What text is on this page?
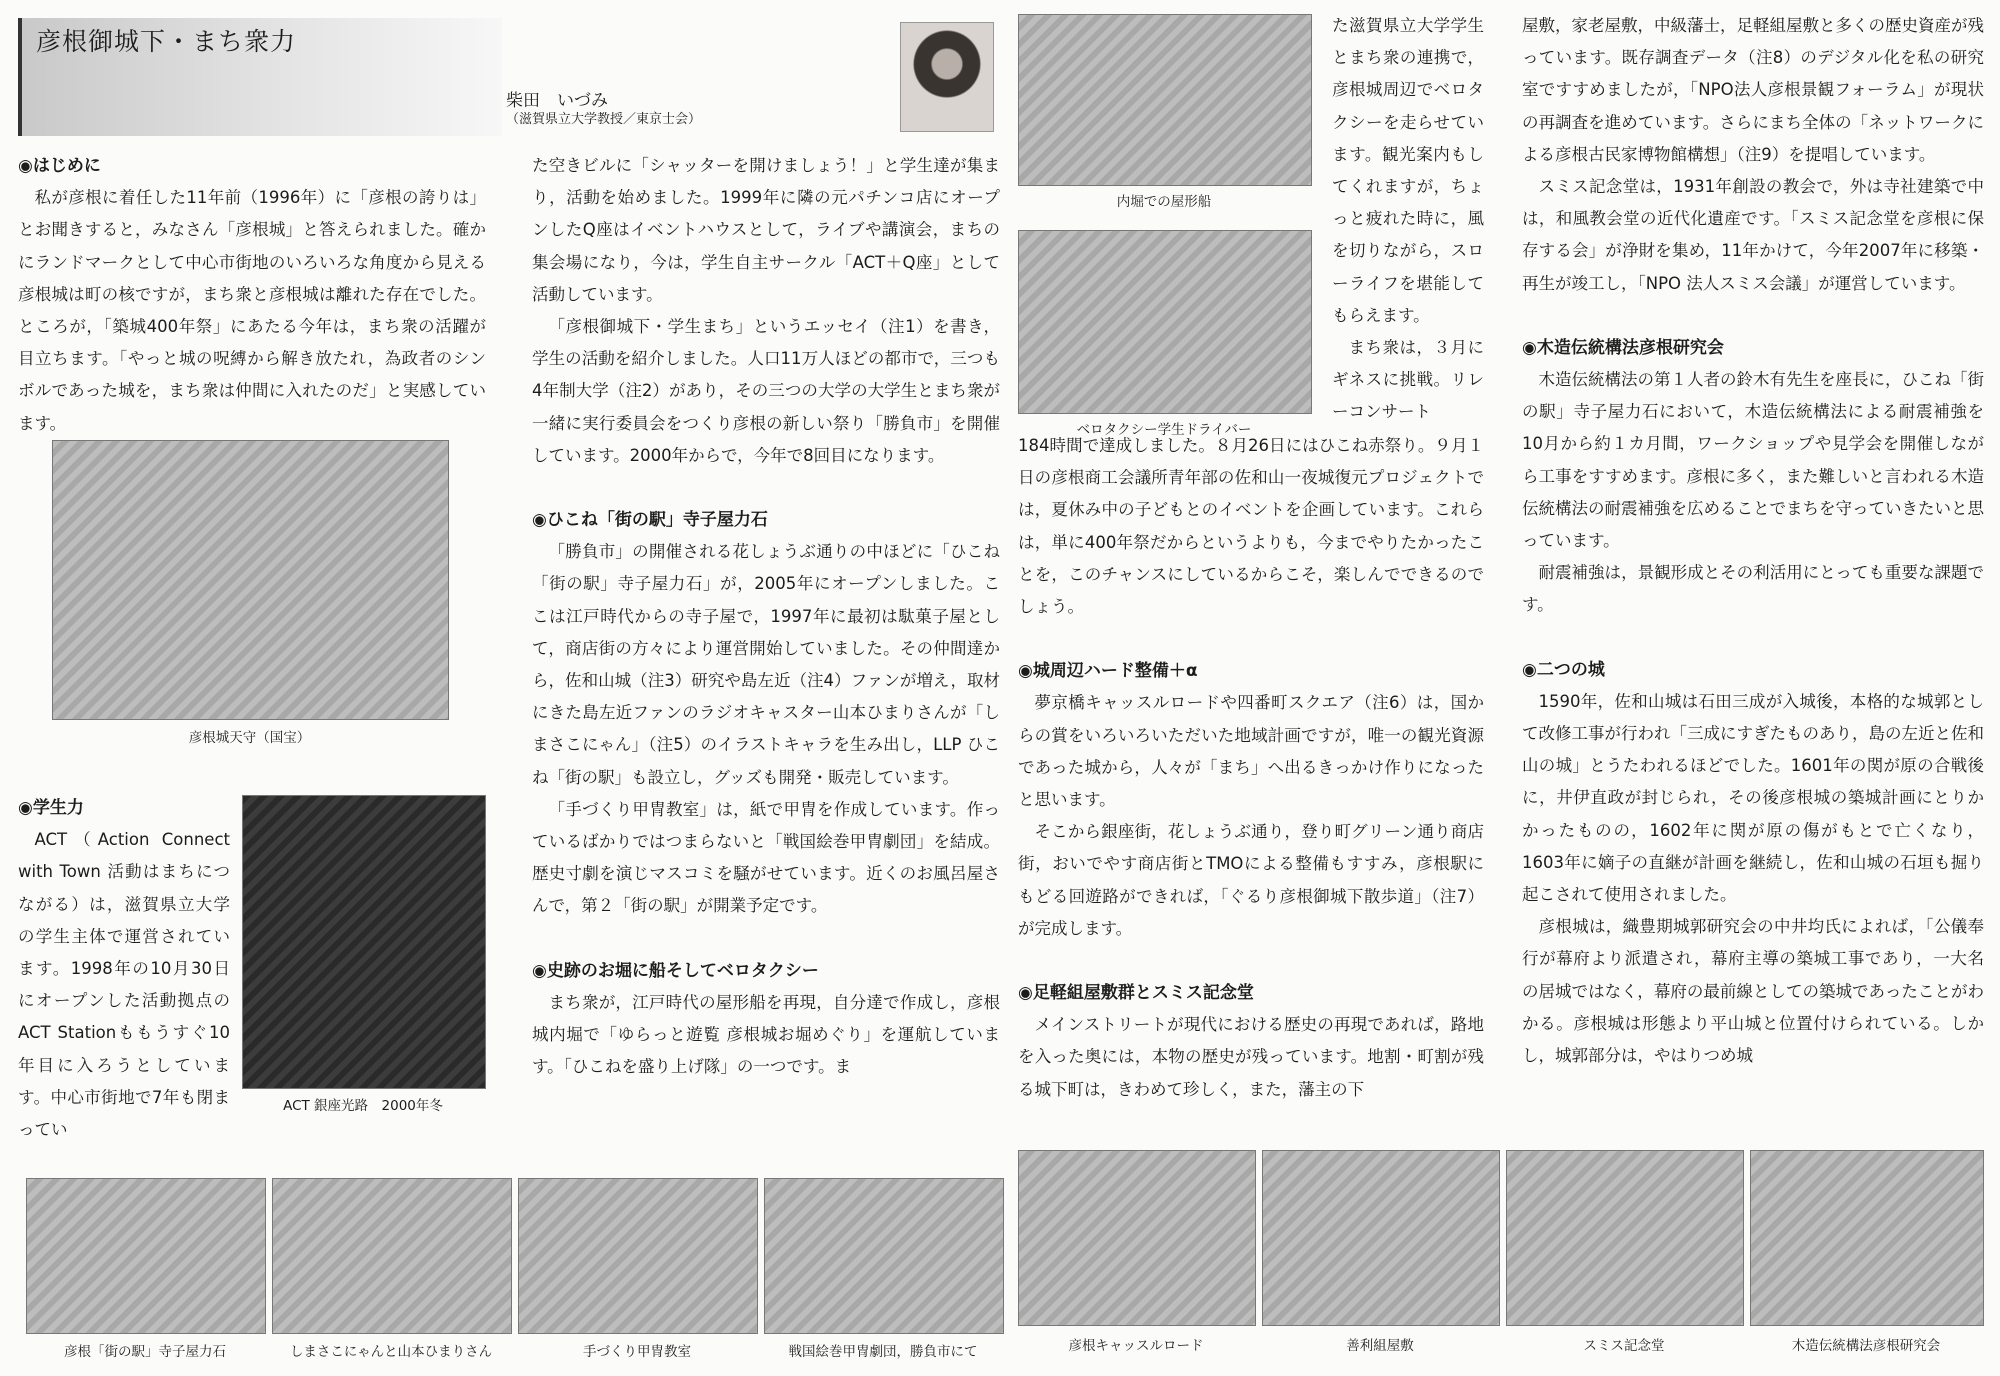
彦根御城下・まち衆力
柴田　いづみ
（滋賀県立大学教授／東京士会）
◉はじめに

私が彦根に着任した11年前（1996年）に「彦根の誇りは」とお聞きすると，みなさん「彦根城」と答えられました。確かにランドマークとして中心市街地のいろいろな角度から見える彦根城は町の核ですが，まち衆と彦根城は離れた存在でした。ところが，「築城400年祭」にあたる今年は，まち衆の活躍が目立ちます。「やっと城の呪縛から解き放たれ，為政者のシンボルであった城を，まち衆は仲間に入れたのだ」と実感しています。

彦根城天守（国宝）
◉学生力

ACT（Action Connect with Town 活動はまちにつながる）は，滋賀県立大学の学生主体で運営されています。1998年の10月30日にオープンした活動拠点のACT Stationももうすぐ10年目に入ろうとしています。中心市街地で7年も閉まってい

ACT 銀座光路　2000年冬

た空きビルに「シャッターを開けましょう！」と学生達が集まり，活動を始めました。1999年に隣の元パチンコ店にオープンしたQ座はイベントハウスとして，ライブや講演会，まちの集会場になり，今は，学生自主サークル「ACT＋Q座」として活動しています。

「彦根御城下・学生まち」というエッセイ（注1）を書き，学生の活動を紹介しました。人口11万人ほどの都市で，三つも4年制大学（注2）があり，その三つの大学の大学生とまち衆が一緒に実行委員会をつくり彦根の新しい祭り「勝負市」を開催しています。2000年からで，今年で8回目になります。

◉ひこね「街の駅」寺子屋力石

「勝負市」の開催される花しょうぶ通りの中ほどに「ひこね「街の駅」寺子屋力石」が，2005年にオープンしました。ここは江戸時代からの寺子屋で，1997年に最初は駄菓子屋として，商店街の方々により運営開始していました。その仲間達から，佐和山城（注3）研究や島左近（注4）ファンが増え，取材にきた島左近ファンのラジオキャスター山本ひまりさんが「しまさこにゃん」（注5）のイラストキャラを生み出し，LLP ひこね「街の駅」も設立し，グッズも開発・販売しています。

「手づくり甲冑教室」は，紙で甲冑を作成しています。作っているばかりではつまらないと「戦国絵巻甲冑劇団」を結成。歴史寸劇を演じマスコミを騒がせています。近くのお風呂屋さんで，第２「街の駅」が開業予定です。

◉史跡のお堀に船そしてベロタクシー

まち衆が，江戸時代の屋形船を再現，自分達で作成し，彦根城内堀で「ゆらっと遊覧 彦根城お堀めぐり」を運航しています。「ひこねを盛り上げ隊」の一つです。ま

内堀での屋形船
ベロタクシー学生ドライバー

た滋賀県立大学学生とまち衆の連携で，彦根城周辺でベロタクシーを走らせています。観光案内もしてくれますが，ちょっと疲れた時に，風を切りながら，スローライフを堪能してもらえます。

まち衆は，３月にギネスに挑戦。リレーコンサート

184時間で達成しました。８月26日にはひこね赤祭り。９月１日の彦根商工会議所青年部の佐和山一夜城復元プロジェクトでは，夏休み中の子どもとのイベントを企画しています。これらは，単に400年祭だからというよりも，今までやりたかったことを，このチャンスにしているからこそ，楽しんでできるのでしょう。

◉城周辺ハード整備＋α

夢京橋キャッスルロードや四番町スクエア（注6）は，国からの賞をいろいろいただいた地域計画ですが，唯一の観光資源であった城から，人々が「まち」へ出るきっかけ作りになったと思います。

そこから銀座街，花しょうぶ通り，登り町グリーン通り商店街，おいでやす商店街とTMOによる整備もすすみ，彦根駅にもどる回遊路ができれば，「ぐるり彦根御城下散歩道」（注7）が完成します。

◉足軽組屋敷群とスミス記念堂

メインストリートが現代における歴史の再現であれば，路地を入った奥には，本物の歴史が残っています。地割・町割が残る城下町は，きわめて珍しく，また，藩主の下

屋敷，家老屋敷，中級藩士，足軽組屋敷と多くの歴史資産が残っています。既存調査データ（注8）のデジタル化を私の研究室ですすめましたが，「NPO法人彦根景観フォーラム」が現状の再調査を進めています。さらにまち全体の「ネットワークによる彦根古民家博物館構想」（注9）を提唱しています。

スミス記念堂は，1931年創設の教会で，外は寺社建築で中は，和風教会堂の近代化遺産です。「スミス記念堂を彦根に保存する会」が浄財を集め，11年かけて，今年2007年に移築・再生が竣工し，「NPO 法人スミス会議」が運営しています。

◉木造伝統構法彦根研究会

木造伝統構法の第１人者の鈴木有先生を座長に，ひこね「街の駅」寺子屋力石において，木造伝統構法による耐震補強を10月から約１カ月間，ワークショップや見学会を開催しながら工事をすすめます。彦根に多く，また難しいと言われる木造伝統構法の耐震補強を広めることでまちを守っていきたいと思っています。

耐震補強は，景観形成とその利活用にとっても重要な課題です。

◉二つの城

1590年，佐和山城は石田三成が入城後，本格的な城郭として改修工事が行われ「三成にすぎたものあり，島の左近と佐和山の城」とうたわれるほどでした。1601年の関が原の合戦後に，井伊直政が封じられ，その後彦根城の築城計画にとりかかったものの，1602年に関が原の傷がもとで亡くなり，1603年に嫡子の直継が計画を継続し，佐和山城の石垣も掘り起こされて使用されました。

彦根城は，織豊期城郭研究会の中井均氏によれば，「公儀奉行が幕府より派遣され，幕府主導の築城工事であり，一大名の居城ではなく，幕府の最前線としての築城であったことがわかる。彦根城は形態より平山城と位置付けられている。しかし，城郭部分は，やはりつめ城

彦根「街の駅」寺子屋力石	しまさこにゃんと山本ひまりさん	手づくり甲冑教室	戦国絵巻甲冑劇団，勝負市にて	彦根キャッスルロード	善利組屋敷	スミス記念堂	木造伝統構法彦根研究会
